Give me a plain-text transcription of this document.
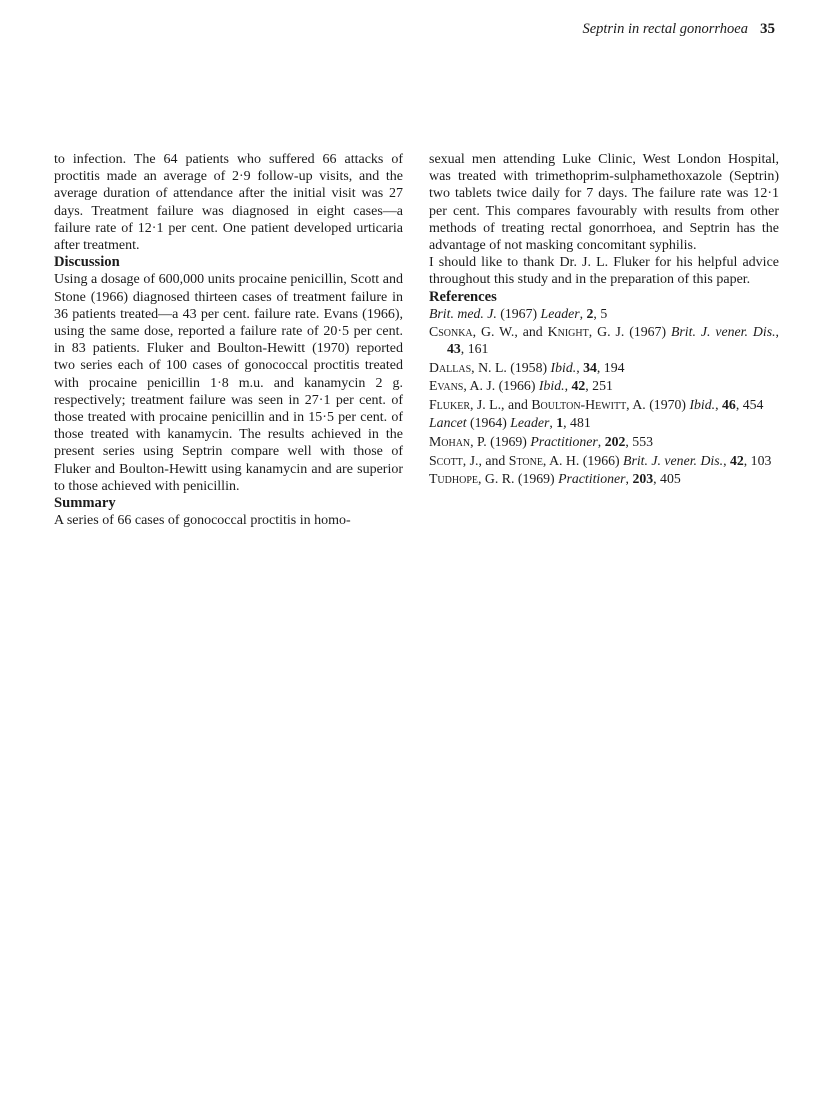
Septrin in rectal gonorrhoea 35

to infection. The 64 patients who suffered 66 attacks of proctitis made an average of 2·9 follow-up visits, and the average duration of attendance after the initial visit was 27 days. Treatment failure was diagnosed in eight cases—a failure rate of 12·1 per cent. One patient developed urticaria after treatment.

Discussion

Using a dosage of 600,000 units procaine penicillin, Scott and Stone (1966) diagnosed thirteen cases of treatment failure in 36 patients treated—a 43 per cent. failure rate. Evans (1966), using the same dose, reported a failure rate of 20·5 per cent. in 83 patients. Fluker and Boulton-Hewitt (1970) reported two series each of 100 cases of gonococcal proctitis treated with procaine penicillin 1·8 m.u. and kanamycin 2 g. respectively; treatment failure was seen in 27·1 per cent. of those treated with procaine penicillin and in 15·5 per cent. of those treated with kanamycin. The results achieved in the present series using Septrin compare well with those of Fluker and Boulton-Hewitt using kanamycin and are superior to those achieved with penicillin.

Summary

A series of 66 cases of gonococcal proctitis in homo-

sexual men attending Luke Clinic, West London Hospital, was treated with trimethoprim-sulphamethoxazole (Septrin) two tablets twice daily for 7 days. The failure rate was 12·1 per cent. This compares favourably with results from other methods of treating rectal gonorrhoea, and Septrin has the advantage of not masking concomitant syphilis.

I should like to thank Dr. J. L. Fluker for his helpful advice throughout this study and in the preparation of this paper.

References

Brit. med. J. (1967) Leader, 2, 5

Csonka, G. W., and Knight, G. J. (1967) Brit. J. vener. Dis., 43, 161

Dallas, N. L. (1958) Ibid., 34, 194

Evans, A. J. (1966) Ibid., 42, 251

Fluker, J. L., and Boulton-Hewitt, A. (1970) Ibid., 46, 454

Lancet (1964) Leader, 1, 481

Mohan, P. (1969) Practitioner, 202, 553

Scott, J., and Stone, A. H. (1966) Brit. J. vener. Dis., 42, 103

Tudhope, G. R. (1969) Practitioner, 203, 405
